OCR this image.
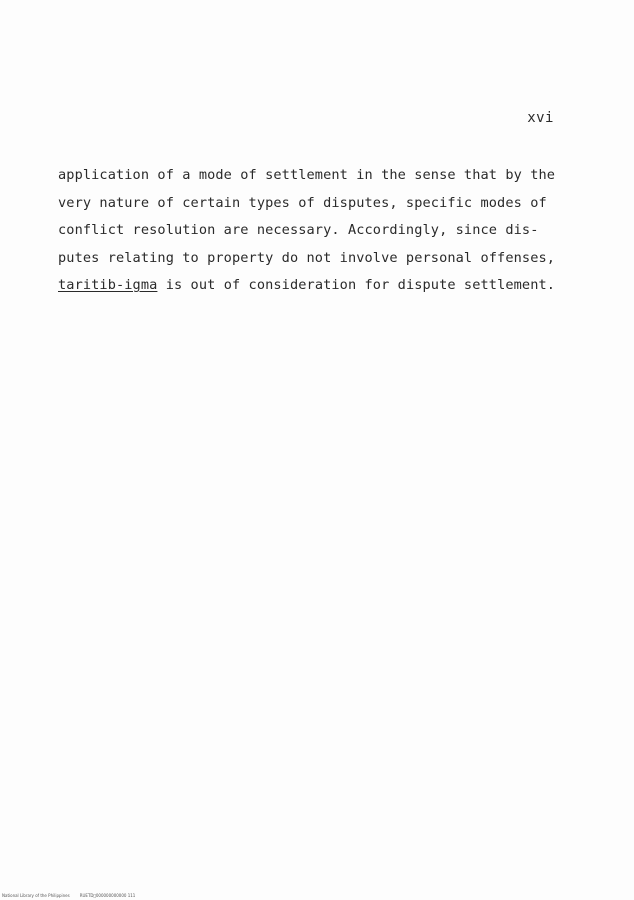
xvi
application of a mode of settlement in the sense that by the
very nature of certain types of disputes, specific modes of
conflict resolution are necessary. Accordingly, since dis-
putes relating to property do not involve personal offenses,
taritib-igma is out of consideration for dispute settlement.
National Library of the Philippines	RUETD 000000000000 111
